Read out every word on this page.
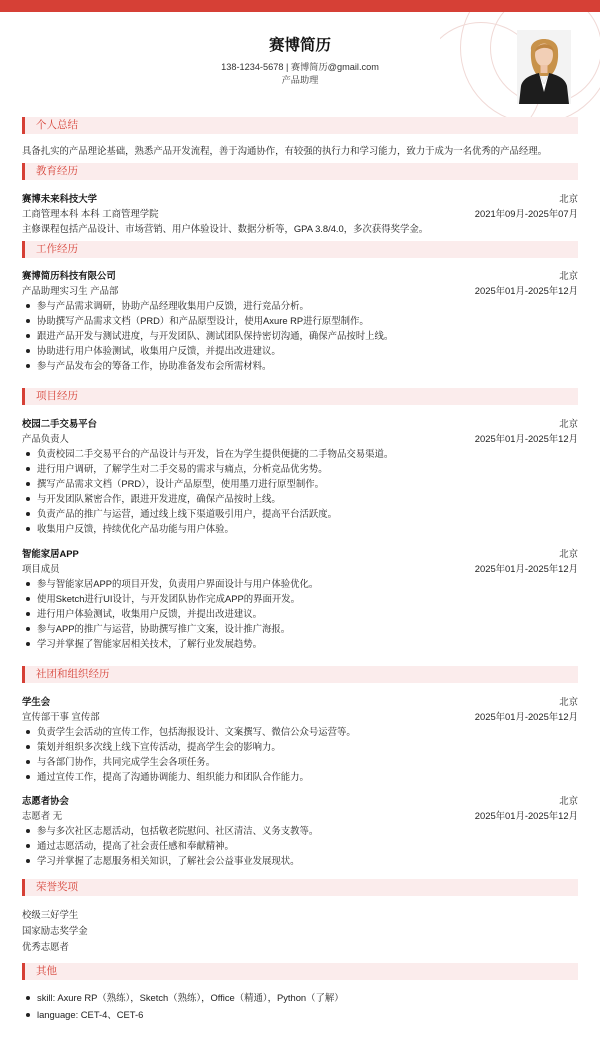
赛博简历
138-1234-5678 | 赛博简历@gmail.com
产品助理
个人总结
具备扎实的产品理论基础，熟悉产品开发流程，善于沟通协作，有较强的执行力和学习能力，致力于成为一名优秀的产品经理。
教育经历
赛博未来科技大学	北京
工商管理本科 本科 工商管理学院	2021年09月-2025年07月
主修课程包括产品设计、市场营销、用户体验设计、数据分析等，GPA 3.8/4.0，多次获得奖学金。
工作经历
赛博简历科技有限公司	北京
产品助理实习生 产品部	2025年01月-2025年12月
参与产品需求调研，协助产品经理收集用户反馈，进行竞品分析。
协助撰写产品需求文档（PRD）和产品原型设计，使用Axure RP进行原型制作。
跟进产品开发与测试进度，与开发团队、测试团队保持密切沟通，确保产品按时上线。
协助进行用户体验测试，收集用户反馈，并提出改进建议。
参与产品发布会的筹备工作，协助准备发布会所需材料。
项目经历
校园二手交易平台	北京
产品负责人	2025年01月-2025年12月
负责校园二手交易平台的产品设计与开发，旨在为学生提供便捷的二手物品交易渠道。
进行用户调研，了解学生对二手交易的需求与痛点，分析竞品优劣势。
撰写产品需求文档（PRD），设计产品原型，使用墨刀进行原型制作。
与开发团队紧密合作，跟进开发进度，确保产品按时上线。
负责产品的推广与运营，通过线上线下渠道吸引用户，提高平台活跃度。
收集用户反馈，持续优化产品功能与用户体验。
智能家居APP	北京
项目成员	2025年01月-2025年12月
参与智能家居APP的项目开发，负责用户界面设计与用户体验优化。
使用Sketch进行UI设计，与开发团队协作完成APP的界面开发。
进行用户体验测试，收集用户反馈，并提出改进建议。
参与APP的推广与运营，协助撰写推广文案，设计推广海报。
学习并掌握了智能家居相关技术，了解行业发展趋势。
社团和组织经历
学生会	北京
宣传部干事 宣传部	2025年01月-2025年12月
负责学生会活动的宣传工作，包括海报设计、文案撰写、微信公众号运营等。
策划并组织多次线上线下宣传活动，提高学生会的影响力。
与各部门协作，共同完成学生会各项任务。
通过宣传工作，提高了沟通协调能力、组织能力和团队合作能力。
志愿者协会	北京
志愿者 无	2025年01月-2025年12月
参与多次社区志愿活动，包括敬老院慰问、社区清洁、义务支教等。
通过志愿活动，提高了社会责任感和奉献精神。
学习并掌握了志愿服务相关知识，了解社会公益事业发展现状。
荣誉奖项
校级三好学生
国家励志奖学金
优秀志愿者
其他
skill: Axure RP（熟练），Sketch（熟练），Office（精通），Python（了解）
language: CET-4、CET-6
